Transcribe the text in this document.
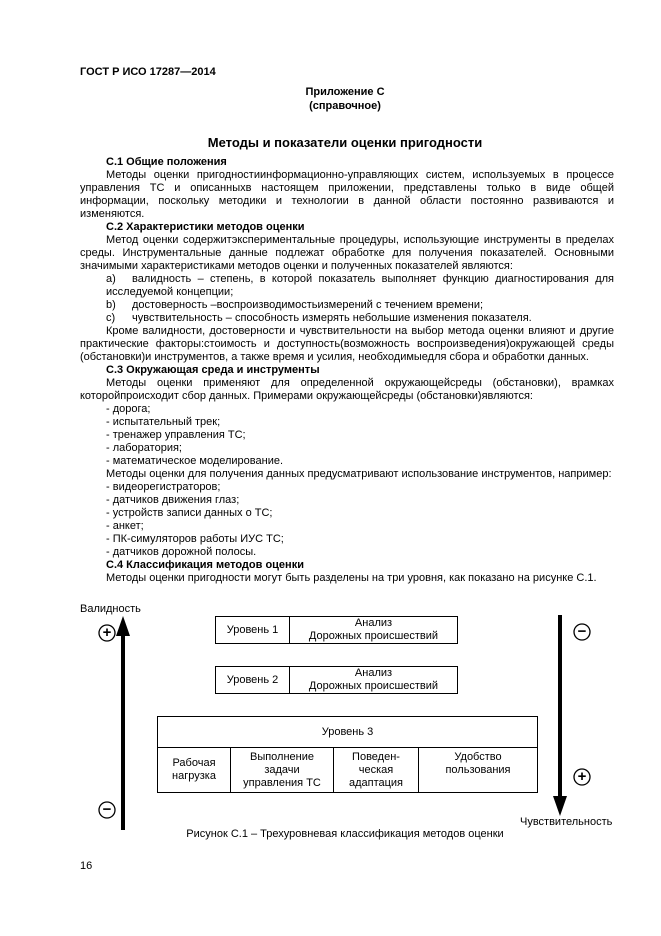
ГОСТ Р ИСО 17287—2014
Приложение С
(справочное)
Методы и показатели оценки пригодности

С.1 Общие положения

Методы оценки пригодностиинформационно-управляющих систем, используемых в процессе управления ТС и описанныхв настоящем приложении, представлены только в виде общей информации, поскольку методики и технологии в данной области постоянно развиваются и изменяются.

С.2 Характеристики методов оценки

Метод оценки содержитэкспериментальные процедуры, использующие инструменты в пределах среды. Инструментальные данные подлежат обработке для получения показателей. Основными значимыми характеристиками методов оценки и полученных показателей являются:

а) валидность – степень, в которой показатель выполняет функцию диагностирования для исследуемой концепции;

b) достоверность –воспроизводимостьизмерений с течением времени;

c) чувствительность – способность измерять небольшие изменения показателя.

Кроме валидности, достоверности и чувствительности на выбор метода оценки влияют и другие практические факторы:стоимость и доступность(возможность воспроизведения)окружающей среды (обстановки)и инструментов, а также время и усилия, необходимыедля сбора и обработки данных.

С.3 Окружающая среда и инструменты

Методы оценки применяют для определенной окружающейсреды (обстановки), врамках которойпроисходит сбор данных. Примерами окружающейсреды (обстановки)являются:

- дорога;

- испытательный трек;

- тренажер управления ТС;

- лаборатория;

- математическое моделирование.

Методы оценки для получения данных предусматривают использование инструментов, например:

- видеорегистраторов;

- датчиков движения глаз;

- устройств записи данных о ТС;

- анкет;

- ПК-симуляторов работы ИУС ТС;

- датчиков дорожной полосы.

С.4 Классификация методов оценки

Методы оценки пригодности могут быть разделены на три уровня, как показано на рисунке С.1.

Валидность
Чувствительность
+
−
−
+
Уровень 1
Анализ
Дорожных происшествий
Уровень 2
Анализ
Дорожных происшествий
Уровень 3
Рабочая
нагрузка
Выполнение
задачи
управления ТС
Поведен-
ческая
адаптация
Удобство
пользования
Рисунок С.1 – Трехуровневая классификация методов оценки
16
